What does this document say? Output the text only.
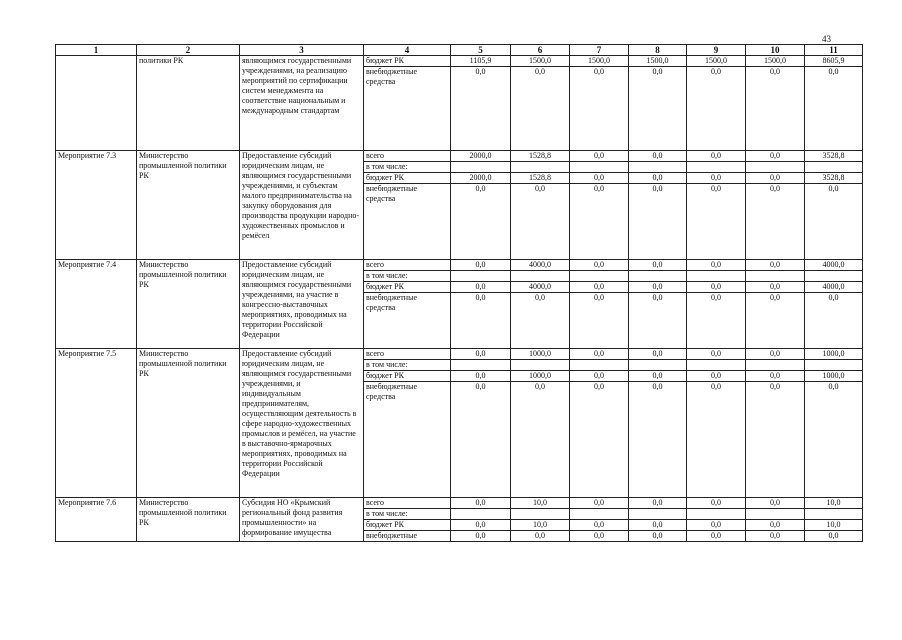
43
1	2	3	4	5	6	7	8	9	10	11
	политики РК	являющимся государственными учреждениями, на реализацию мероприятий по сертификации систем менеджмента на соответствие национальным и международным стандартам	бюджет РК	1105,9	1500,0	1500,0	1500,0	1500,0	1500,0	8605,9
			внебюджетные средства	0,0	0,0	0,0	0,0	0,0	0,0	0,0
Мероприятие 7.3	Министерство промышленной политики РК	Предоставление субсидий юридическим лицам, не являющимся государственными учреждениями, и субъектам малого предпринимательства на закупку оборудования для производства продукции народно-художественных промыслов и ремёсел	всего	2000,0	1528,8	0,0	0,0	0,0	0,0	3528,8
			в том числе:							
			бюджет РК	2000,0	1528,8	0,0	0,0	0,0	0,0	3528,8
			внебюджетные средства	0,0	0,0	0,0	0,0	0,0	0,0	0,0
Мероприятие 7.4	Министерство промышленной политики РК	Предоставление субсидий юридическим лицам, не являющимся государственными учреждениями, на участие в конгрессно-выставочных мероприятиях, проводимых на территории Российской Федерации	всего	0,0	4000,0	0,0	0,0	0,0	0,0	4000,0
			в том числе:							
			бюджет РК	0,0	4000,0	0,0	0,0	0,0	0,0	4000,0
			внебюджетные средства	0,0	0,0	0,0	0,0	0,0	0,0	0,0
Мероприятие 7.5	Министерство промышленной политики РК	Предоставление субсидий юридическим лицам, не являющимся государственными учреждениями, и индивидуальным предпринимателям, осуществляющим деятельность в сфере народно-художественных промыслов и ремёсел, на участие в выставочно-ярмарочных мероприятиях, проводимых на территории Российской Федерации	всего	0,0	1000,0	0,0	0,0	0,0	0,0	1000,0
			в том числе:							
			бюджет РК	0,0	1000,0	0,0	0,0	0,0	0,0	1000,0
			внебюджетные средства	0,0	0,0	0,0	0,0	0,0	0,0	0,0
Мероприятие 7.6	Министерство промышленной политики РК	Субсидия НО «Крымский региональный фонд развития промышленности» на формирование имущества	всего	0,0	10,0	0,0	0,0	0,0	0,0	10,0
			в том числе:							
			бюджет РК	0,0	10,0	0,0	0,0	0,0	0,0	10,0
			внебюджетные	0,0	0,0	0,0	0,0	0,0	0,0	0,0
